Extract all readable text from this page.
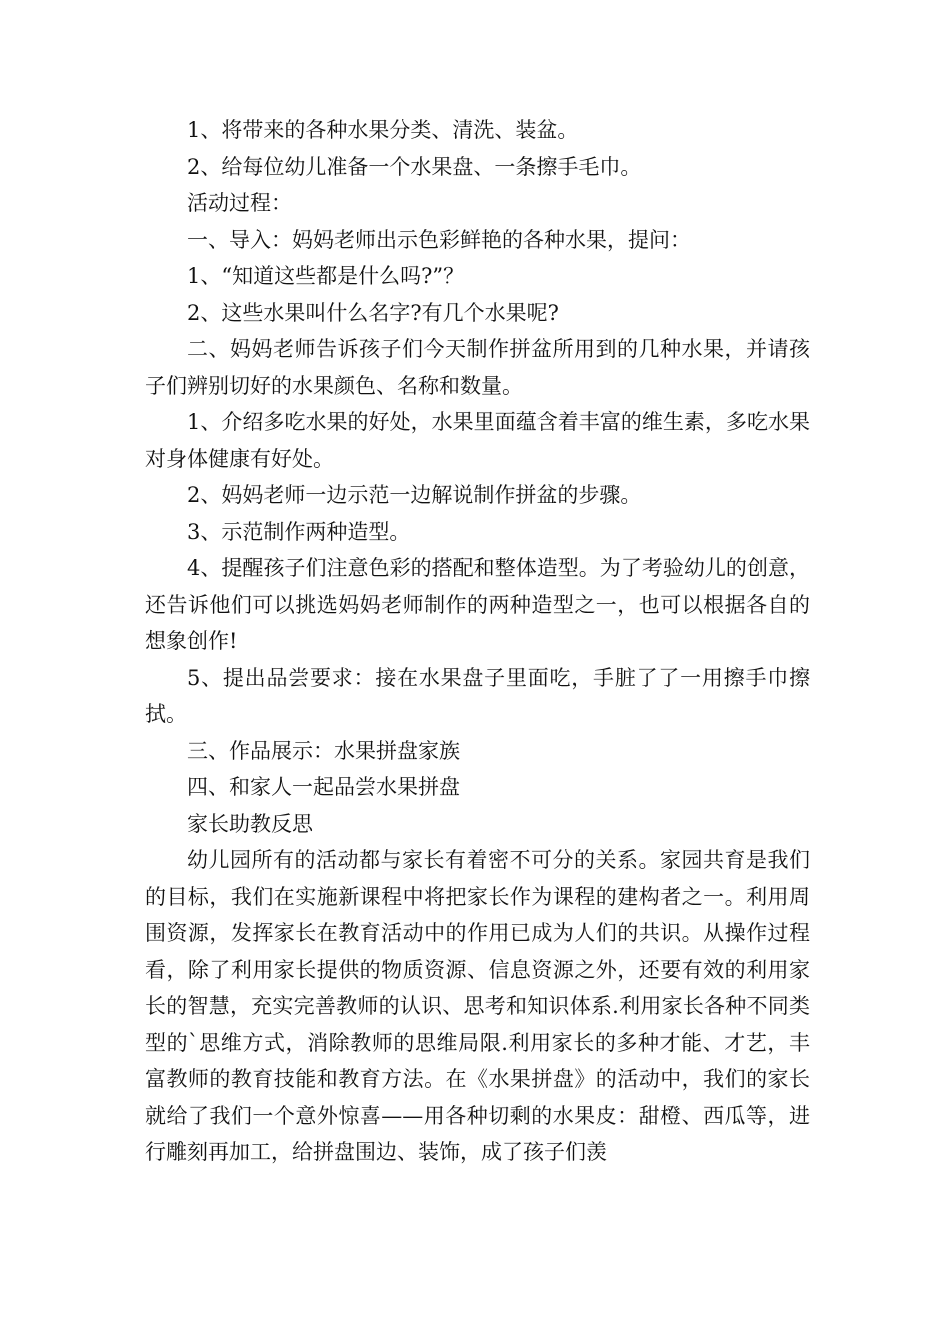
1、将带来的各种水果分类、清洗、装盆。

2、给每位幼儿准备一个水果盘、一条擦手毛巾。

活动过程：

一、导入：妈妈老师出示色彩鲜艳的各种水果，提问：

1、“知道这些都是什么吗?”？

2、这些水果叫什么名字?有几个水果呢?

二、妈妈老师告诉孩子们今天制作拼盆所用到的几种水果，并请孩子们辨别切好的水果颜色、名称和数量。

1、介绍多吃水果的好处，水果里面蕴含着丰富的维生素，多吃水果对身体健康有好处。

2、妈妈老师一边示范一边解说制作拼盆的步骤。

3、示范制作两种造型。

4、提醒孩子们注意色彩的搭配和整体造型。为了考验幼儿的创意，还告诉他们可以挑选妈妈老师制作的两种造型之一，也可以根据各自的想象创作!

5、提出品尝要求：接在水果盘子里面吃，手脏了了一用擦手巾擦拭。

三、作品展示：水果拼盘家族

四、和家人一起品尝水果拼盘

家长助教反思

幼儿园所有的活动都与家长有着密不可分的关系。家园共育是我们的目标，我们在实施新课程中将把家长作为课程的建构者之一。利用周围资源，发挥家长在教育活动中的作用已成为人们的共识。从操作过程看，除了利用家长提供的物质资源、信息资源之外，还要有效的利用家长的智慧，充实完善教师的认识、思考和知识体系.利用家长各种不同类型的`思维方式，消除教师的思维局限.利用家长的多种才能、才艺，丰富教师的教育技能和教育方法。在《水果拼盘》的活动中，我们的家长就给了我们一个意外惊喜——用各种切剩的水果皮：甜橙、西瓜等，进行雕刻再加工，给拼盘围边、装饰，成了孩子们羡
